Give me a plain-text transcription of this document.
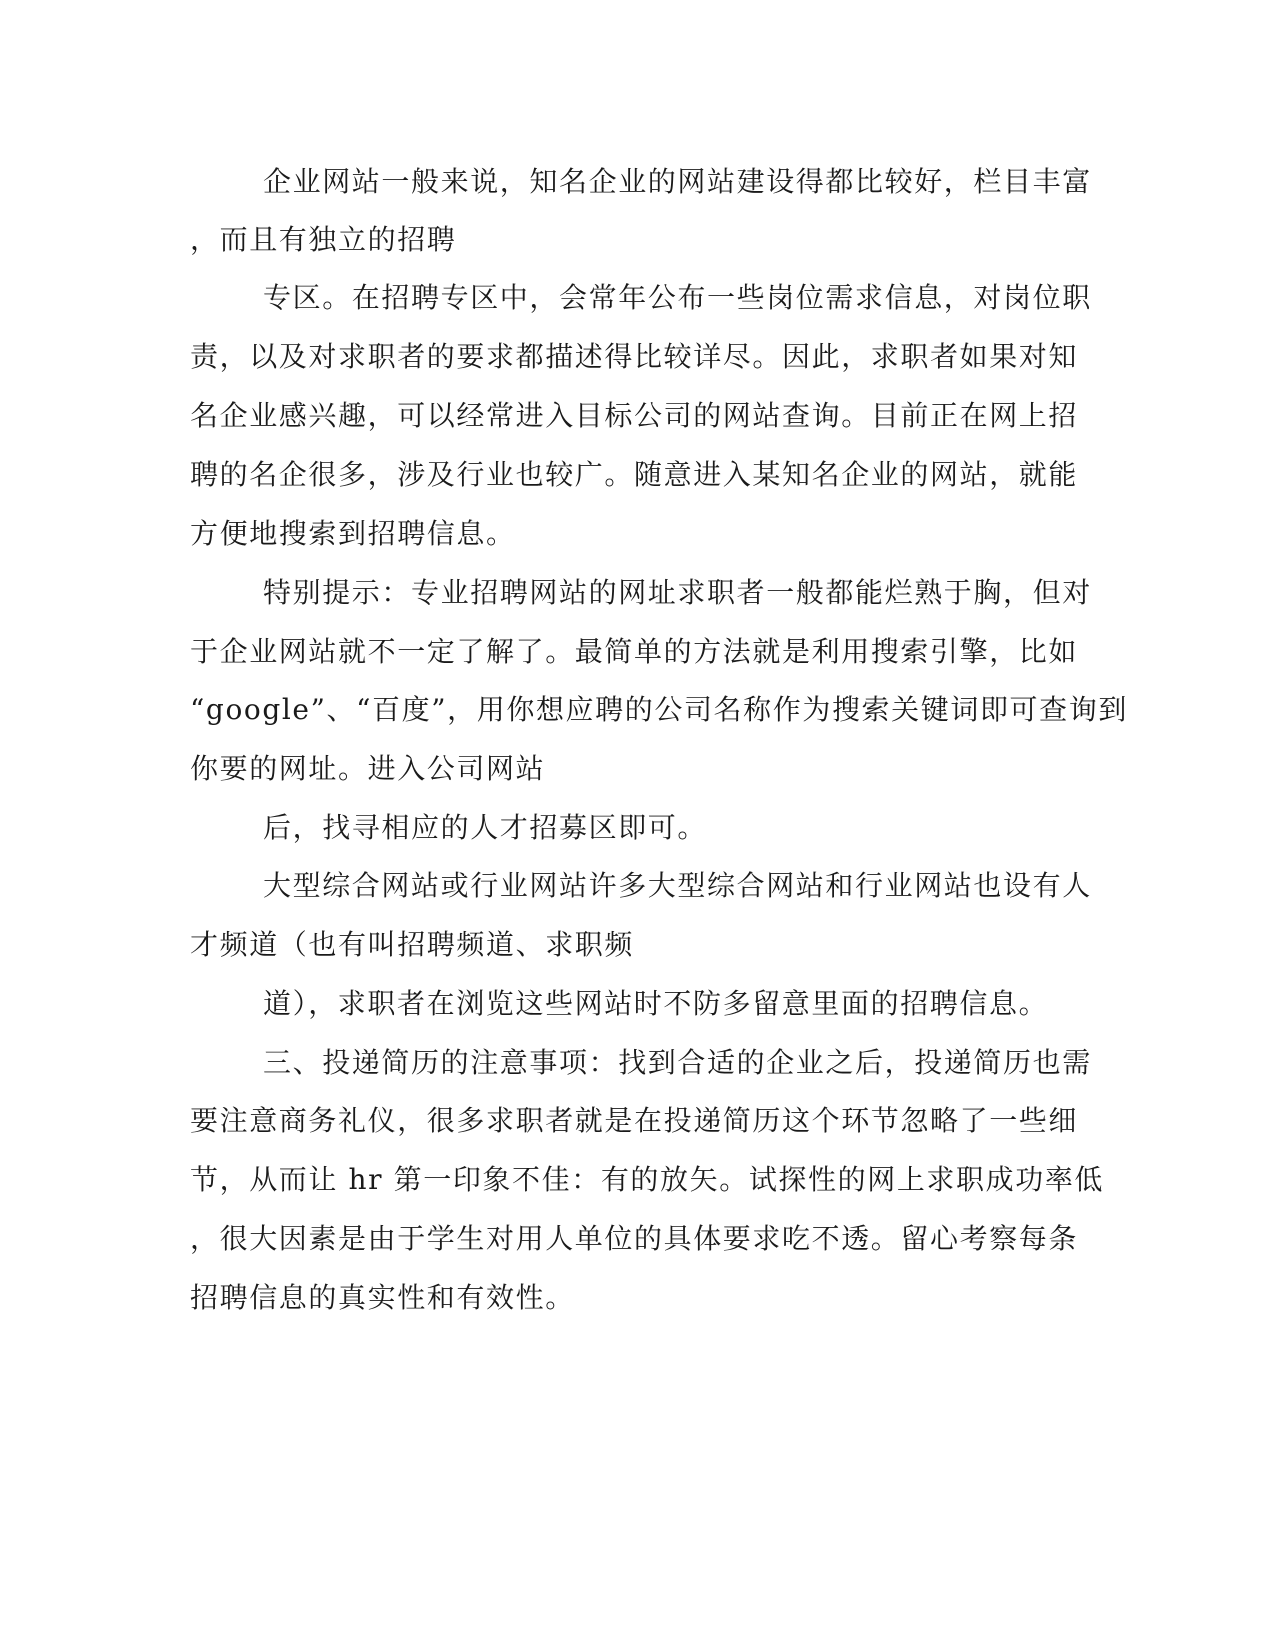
企业网站一般来说，知名企业的网站建设得都比较好，栏目丰富
，而且有独立的招聘
专区。在招聘专区中，会常年公布一些岗位需求信息，对岗位职
责，以及对求职者的要求都描述得比较详尽。因此，求职者如果对知
名企业感兴趣，可以经常进入目标公司的网站查询。目前正在网上招
聘的名企很多，涉及行业也较广。随意进入某知名企业的网站，就能
方便地搜索到招聘信息。
特别提示：专业招聘网站的网址求职者一般都能烂熟于胸，但对
于企业网站就不一定了解了。最简单的方法就是利用搜索引擎，比如
“google”、“百度”，用你想应聘的公司名称作为搜索关键词即可查询到
你要的网址。进入公司网站
后，找寻相应的人才招募区即可。
大型综合网站或行业网站许多大型综合网站和行业网站也设有人
才频道（也有叫招聘频道、求职频
道），求职者在浏览这些网站时不防多留意里面的招聘信息。
三、投递简历的注意事项：找到合适的企业之后，投递简历也需
要注意商务礼仪，很多求职者就是在投递简历这个环节忽略了一些细
节，从而让 hr 第一印象不佳：有的放矢。试探性的网上求职成功率低
，很大因素是由于学生对用人单位的具体要求吃不透。留心考察每条
招聘信息的真实性和有效性。
